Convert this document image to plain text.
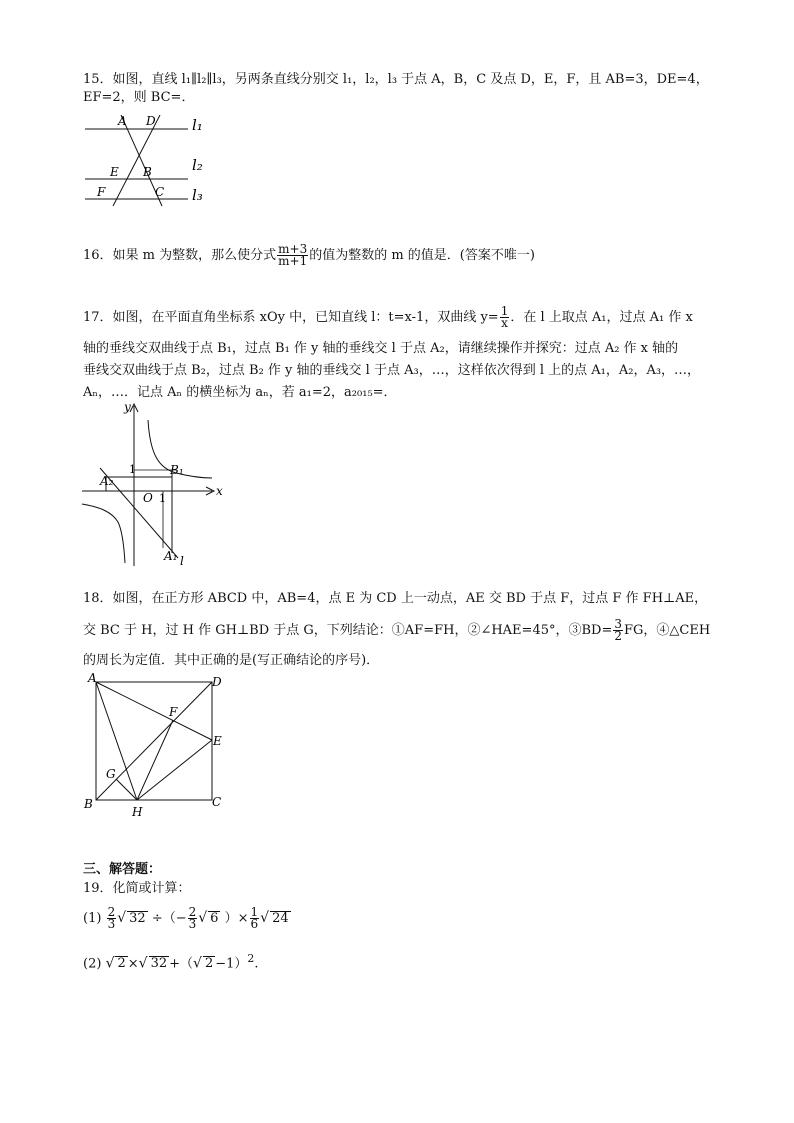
15．如图，直线 l₁∥l₂∥l₃，另两条直线分别交 l₁，l₂，l₃ 于点 A，B，C 及点 D，E，F，且 AB=3，DE=4，
EF=2，则 BC=．
A D
E B
F	C
l₁
l₂
l₃
16．如果 m 为整数，那么使分式 $\frac{m+3}{m+1}$ 的值为整数的 m 的值是．(答案不唯一)
17．如图，在平面直角坐标系 xOy 中，已知直线 l：t=x-1，双曲线 $y= \frac{1}{x}$ ．在 l 上取点 A₁，过点 A₁ 作 x
轴的垂线交双曲线于点 B₁，过点 B₁ 作 y 轴的垂线交 l 于点 A₂，请继续操作并探究：过点 A₂ 作 x 轴的
垂线交双曲线于点 B₂，过点 B₂ 作 y 轴的垂线交 l 于点 A₃，…，这样依次得到 l 上的点 A₁，A₂，A₃，…，
Aₙ，…．记点 Aₙ 的横坐标为 aₙ，若 a₁=2，a₂₀₁₅=．
y
x
1
1
O
B₁
A₂
A₁ l
18．如图，在正方形 ABCD 中，AB=4，点 E 为 CD 上一动点，AE 交 BD 于点 F，过点 F 作 FH⊥AE，
交 BC 于 H，过 H 作 GH⊥BD 于点 G，下列结论：①AF=FH，②∠HAE=45°，③BD= $\frac{3}{2}$ FG，④△CEH
的周长为定值．其中正确的是(写正确结论的序号)．
A	D
F
E
G
B
H
C
三、解答题：
19．化简或计算：
$(1) \frac{2}{3}$ √ 32 ÷（− $\frac{2}{3}$ √ 6 ）× $\frac{1}{6}$ √ 24
(2) √ 2 ×√ 32 +（√ 2 −1）$^2$.
